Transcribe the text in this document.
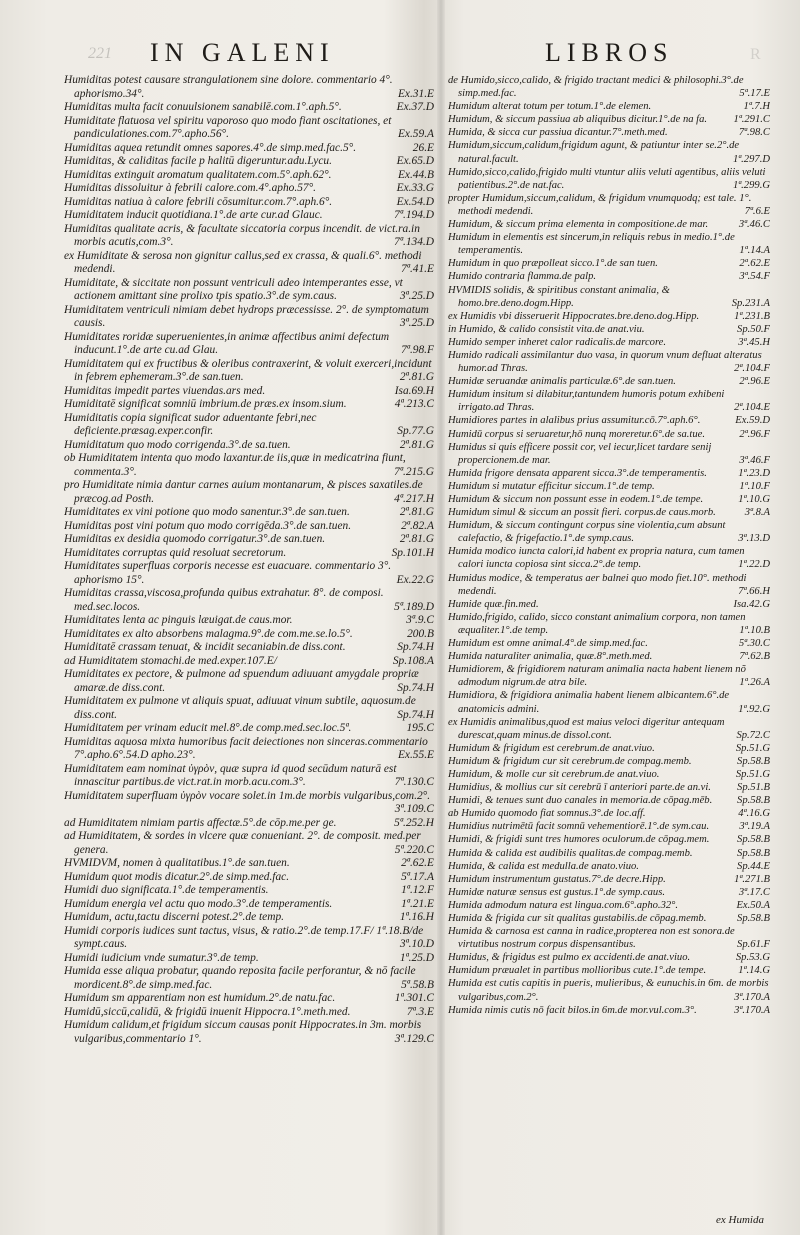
221	R
IN GALENI	LIBROS

Humiditas potest causare strangulationem sine dolore. commentario 4°. aphorismo.34°.	Ex.31.E

Humiditas multa facit conuulsionem sanabilē.com.1°.aph.5°.	Ex.37.D

Humiditate flatuosa vel spiritu vaporoso quo modo fiant oscitationes, et pandiculationes.com.7°.apho.56°.	Ex.59.A

Humiditas aquea retundit omnes sapores.4°.de simp.med.fac.5°.	26.E

Humiditas, & caliditas facile p halitū digeruntur.adu.Lycu.	Ex.65.D

Humiditas extinguit aromatum qualitatem.com.5°.aph.62°.	Ex.44.B

Humiditas dissoluitur à febrili calore.com.4°.apho.57°.	Ex.33.G

Humiditas natiua à calore febrili cōsumitur.com.7°.aph.6°.	Ex.54.D

Humiditatem inducit quotidiana.1°.de arte cur.ad Glauc.	7ª.194.D

Humiditas qualitate acris, & facultate siccatoria corpus incendit. de vict.ra.in morbis acutis,com.3°.	7ª.134.D

ex Humiditate & serosa non gignitur callus,sed ex crassa, & quali.6°. methodi medendi.	7ª.41.E

Humiditate, & siccitate non possunt ventriculi adeo intemperantes esse, vt actionem amittant sine prolixo tpis spatio.3°.de sym.caus.	3ª.25.D

Humiditatem ventriculi nimiam debet hydrops præcessisse. 2°. de symptomatum causis.	3ª.25.D

Humiditates roridæ superuenientes,in animæ affectibus animi defectum inducunt.1°.de arte cu.ad Glau.	7ª.98.F

Humiditatem qui ex fructibus & oleribus contraxerint, & voluit exerceri,incidunt in febrem ephemeram.3°.de san.tuen.	2ª.81.G

Humiditas impedit partes viuendas.ars med.	Isa.69.H

Humiditatē significat somniū imbrium.de præs.ex insom.sium.	4ª.213.C

Humiditatis copia significat sudor aduentante febri,nec deficiente.præsag.exper.confir.	Sp.77.G

Humiditatum quo modo corrigenda.3°.de sa.tuen.	2ª.81.G

ob Humiditatem intenta quo modo laxantur.de iis,quæ in medicatrina fiunt, commenta.3°.	7ª.215.G

pro Humiditate nimia dantur carnes auium montanarum, & pisces saxatiles.de præcog.ad Posth.	4ª.217.H

Humiditates ex vini potione quo modo sanentur.3°.de san.tuen.	2ª.81.G

Humiditas post vini potum quo modo corrigēda.3°.de san.tuen.	2ª.82.A

Humiditas ex desidia quomodo corrigatur.3°.de san.tuen.	2ª.81.G

Humiditates corruptas quid resoluat secretorum.	Sp.101.H

Humiditates superfluas corporis necesse est euacuare. commentario 3°. aphorismo 15°.	Ex.22.G

Humiditas crassa,viscosa,profunda quibus extrahatur. 8°. de composi. med.sec.locos.	5ª.189.D

Humiditates lenta ac pinguis læuigat.de caus.mor.	3ª.9.C

Humiditates ex alto absorbens malagma.9°.de com.me.se.lo.5°.	200.B

Humiditatē crassam tenuat, & incidit secaniabin.de diss.cont.	Sp.74.H

ad Humiditatem stomachi.de med.exper.107.E/	Sp.108.A

Humiditates ex pectore, & pulmone ad spuendum adiuuant amygdale propriæ amaræ.de diss.cont.	Sp.74.H

Humiditatem ex pulmone vt aliquis spuat, adiuuat vinum subtile, aquosum.de diss.cont.	Sp.74.H

Humiditatem per vrinam educit mel.8°.de comp.med.sec.loc.5ª.	195.C

Humiditas aquosa mixta humoribus facit deiectiones non sinceras.commentario 7°.apho.6°.54.D apho.23°.	Ex.55.E

Humiditatem eam nominat ὑγρὸν, quæ supra id quod secūdum naturā est innascitur partibus.de vict.rat.in morb.acu.com.3°.	7ª.130.C

Humiditatem superfluam ὑγρὸν vocare solet.in 1m.de morbis vulgaribus,com.2°.
3ª.109.C

ad Humiditatem nimiam partis affectæ.5°.de cōp.me.per ge.	5ª.252.H

ad Humiditatem, & sordes in vlcere quæ conueniant. 2°. de composit. med.per genera.	5ª.220.C

HVMIDVM, nomen à qualitatibus.1°.de san.tuen.	2ª.62.E

Humidum quot modis dicatur.2°.de simp.med.fac.	5ª.17.A

Humidi duo significata.1°.de temperamentis.	1ª.12.F

Humidum energia vel actu quo modo.3°.de temperamentis.	1ª.21.E

Humidum, actu,tactu discerni potest.2°.de temp.	1ª.16.H

Humidi corporis iudices sunt tactus, visus, & ratio.2°.de temp.17.F/ 1ª.18.B/de sympt.caus.	3ª.10.D

Humidi iudicium vnde sumatur.3°.de temp.	1ª.25.D

Humida esse aliqua probatur, quando reposita facile perforantur, & nō facile mordicent.8°.de simp.med.fac.	5ª.58.B

Humidum sm apparentiam non est humidum.2°.de natu.fac.	1ª.301.C

Humidū,siccū,calidū, & frigidū inuenit Hippocra.1°.meth.med.	7ª.3.E

Humidum calidum,et frigidum siccum causas ponit Hippocrates.in 3m. morbis vulgaribus,commentario 1°.	3ª.129.C

de Humido,sicco,calido, & frigido tractant medici & philosophi.3°.de simp.med.fac.	5ª.17.E

Humidum alterat totum per totum.1°.de elemen.	1ª.7.H

Humidum, & siccum passiua ab aliquibus dicitur.1°.de na fa. 1ª.291.C

Humida, & sicca cur passiua dicantur.7°.meth.med.	7ª.98.C

Humidum,siccum,calidum,frigidum agunt, & patiuntur inter se.2°.de natural.facult.	1ª.297.D

Humido,sicco,calido,frigido multi vtuntur aliis veluti agentibus, aliis veluti patientibus.2°.de nat.fac.	1ª.299.G

propter Humidum,siccum,calidum, & frigidum vnumquodq; est tale. 1°. methodi medendi.	7ª.6.E

Humidum, & siccum prima elementa in compositione.de mar.	3ª.46.C

Humidum in elementis est sincerum,in reliquis rebus in medio.1°.de temperamentis.	1ª.14.A

Humidum in quo præpolleat sicco.1°.de san tuen.	2ª.62.E

Humido contraria flamma.de palp.	3ª.54.F

HVMIDIS solidis, & spiritibus constant animalia, & homo.bre.deno.dogm.Hipp.	Sp.231.A

ex Humidis vbi disseruerit Hippocrates.bre.deno.dog.Hipp.	1ª.231.B

in Humido, & calido consistit vita.de anat.viu.	Sp.50.F

Humido semper inheret calor radicalis.de marcore.	3ª.45.H

Humido radicali assimilantur duo vasa, in quorum vnum defluat alteratus humor.ad Thras.	2ª.104.F

Humidæ seruandæ animalis particulæ.6°.de san.tuen.	2ª.96.E

Humidum insitum si dilabitur,tantundem humoris potum exhibeni irrigato.ad Thras.	2ª.104.E

Humidiores partes in alalibus prius assumitur.cō.7°.aph.6°.	Ex.59.D

Humidū corpus si seruaretur,hō nunq moreretur.6°.de sa.tue.	2ª.96.F

Humidus si quis efficere possit cor, vel iecur,licet tardare senij propercionem.de mar.	3ª.46.F

Humida frigore densata apparent sicca.3°.de temperamentis.	1ª.23.D

Humidum si mutatur efficitur siccum.1°.de temp.	1ª.10.F

Humidum & siccum non possunt esse in eodem.1°.de tempe.	1ª.10.G

Humidum simul & siccum an possit fieri. corpus.de caus.morb.	3ª.8.A

Humidum, & siccum contingunt corpus sine violentia,cum absunt calefactio, & frigefactio.1°.de symp.caus.	3ª.13.D

Humida modico iuncta calori,id habent ex propria natura, cum tamen calori iuncta copiosa sint sicca.2°.de temp.	1ª.22.D

Humidus modice, & temperatus aer balnei quo modo fiet.10°. methodi medendi.	7ª.66.H

Humide quæ.fin.med.	Isa.42.G

Humido,frigido, calido, sicco constant animalium corpora, non tamen æqualiter.1°.de temp.	1ª.10.B

Humidum est omne animal.4°.de simp.med.fac.	5ª.30.C

Humida naturaliter animalia, quæ.8°.meth.med.	7ª.62.B

Humidiorem, & frigidiorem naturam animalia nacta habent lienem nõ admodum nigrum.de atra bile.	1ª.26.A

Humidiora, & frigidiora animalia habent lienem albicantem.6°.de anatomicis admini.	1ª.92.G

ex Humidis animalibus,quod est maius veloci digeritur antequam durescat,quam minus.de dissol.cont.	Sp.72.C

Humidum & frigidum est cerebrum.de anat.viuo.	Sp.51.G

Humidum & frigidum cur sit cerebrum.de compag.memb.	Sp.58.B

Humidum, & molle cur sit cerebrum.de anat.viuo.	Sp.51.G

Humidius, & mollius cur sit cerebrū ī anteriori parte.de an.vi. Sp.51.B

Humidi, & tenues sunt duo canales in memoria.de cōpag.mēb. Sp.58.B

ab Humido quomodo fiat somnus.3°.de loc.aff.	4ª.16.G

Humidius nutrimētū facit somnū vehementiorē.1°.de sym.cau.	3ª.19.A

Humidi, & frigidi sunt tres humores oculorum.de cōpag.mem.	Sp.58.B

Humida & calida est audibilis qualitas.de compag.memb.	Sp.58.B

Humida, & calida est medulla.de anato.viuo.	Sp.44.E

Humidum instrumentum gustatus.7°.de decre.Hipp.	1ª.271.B

Humidæ naturæ sensus est gustus.1°.de symp.caus.	3ª.17.C

Humida admodum natura est lingua.com.6°.apho.32°.	Ex.50.A

Humida & frigida cur sit qualitas gustabilis.de cōpag.memb.	Sp.58.B

Humida & carnosa est canna in radice,propterea non est sonora.de virtutibus nostrum corpus dispensantibus.	Sp.61.F

Humidus, & frigidus est pulmo ex accidenti.de anat.viuo.	Sp.53.G

Humidum præualet in partibus mollioribus cute.1°.de tempe.	1ª.14.G

Humida est cutis capitis in pueris, mulieribus, & eunuchis.in 6m. de morbis vulgaribus,com.2°.	3ª.170.A

Humida nimis cutis nō facit bilos.in 6m.de mor.vul.com.3°.	3ª.170.A

ex Humida
